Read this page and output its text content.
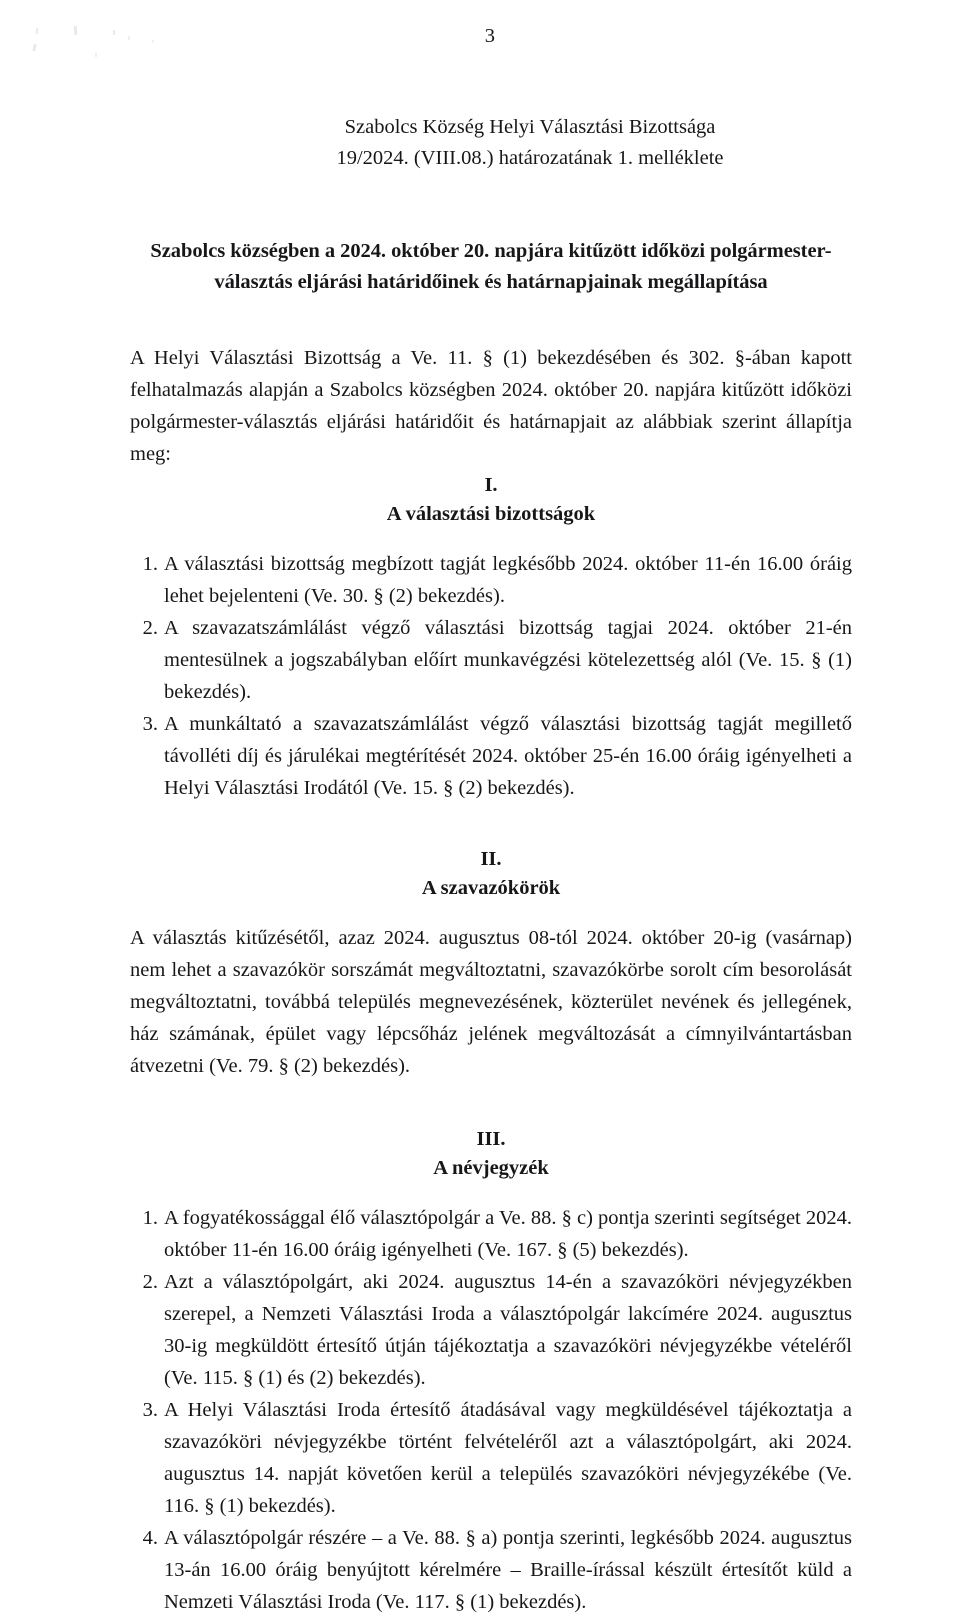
3
Szabolcs Község Helyi Választási Bizottsága
19/2024. (VIII.08.) határozatának 1. melléklete
Szabolcs községben a 2024. október 20. napjára kitűzött időközi polgármester-
választás eljárási határidőinek és határnapjainak megállapítása

A Helyi Választási Bizottság a Ve. 11. § (1) bekezdésében és 302. §-ában kapott felhatalmazás alapján a Szabolcs községben 2024. október 20. napjára kitűzött időközi polgármester-választás eljárási határidőit és határnapjait az alábbiak szerint állapítja meg:

I.
A választási bizottságok
1. A választási bizottság megbízott tagját legkésőbb 2024. október 11-én 16.00 óráig lehet bejelenteni (Ve. 30. § (2) bekezdés).
2. A szavazatszámlálást végző választási bizottság tagjai 2024. október 21-én mentesülnek a jogszabályban előírt munkavégzési kötelezettség alól (Ve. 15. § (1) bekezdés).
3. A munkáltató a szavazatszámlálást végző választási bizottság tagját megillető távolléti díj és járulékai megtérítését 2024. október 25-én 16.00 óráig igényelheti a Helyi Választási Irodától (Ve. 15. § (2) bekezdés).
II.
A szavazókörök

A választás kitűzésétől, azaz 2024. augusztus 08-tól 2024. október 20-ig (vasárnap) nem lehet a szavazókör sorszámát megváltoztatni, szavazókörbe sorolt cím besorolását megváltoztatni, továbbá település megnevezésének, közterület nevének és jellegének, ház számának, épület vagy lépcsőház jelének megváltozását a címnyilvántartásban átvezetni (Ve. 79. § (2) bekezdés).

III.
A névjegyzék
1. A fogyatékossággal élő választópolgár a Ve. 88. § c) pontja szerinti segítséget 2024. október 11-én 16.00 óráig igényelheti (Ve. 167. § (5) bekezdés).
2. Azt a választópolgárt, aki 2024. augusztus 14-én a szavazóköri névjegyzékben szerepel, a Nemzeti Választási Iroda a választópolgár lakcímére 2024. augusztus 30-ig megküldött értesítő útján tájékoztatja a szavazóköri névjegyzékbe vételéről (Ve. 115. § (1) és (2) bekezdés).
3. A Helyi Választási Iroda értesítő átadásával vagy megküldésével tájékoztatja a szavazóköri névjegyzékbe történt felvételéről azt a választópolgárt, aki 2024. augusztus 14. napját követően kerül a település szavazóköri névjegyzékébe (Ve. 116. § (1) bekezdés).
4. A választópolgár részére – a Ve. 88. § a) pontja szerinti, legkésőbb 2024. augusztus 13-án 16.00 óráig benyújtott kérelmére – Braille-írással készült értesítőt küld a Nemzeti Választási Iroda (Ve. 117. § (1) bekezdés).
